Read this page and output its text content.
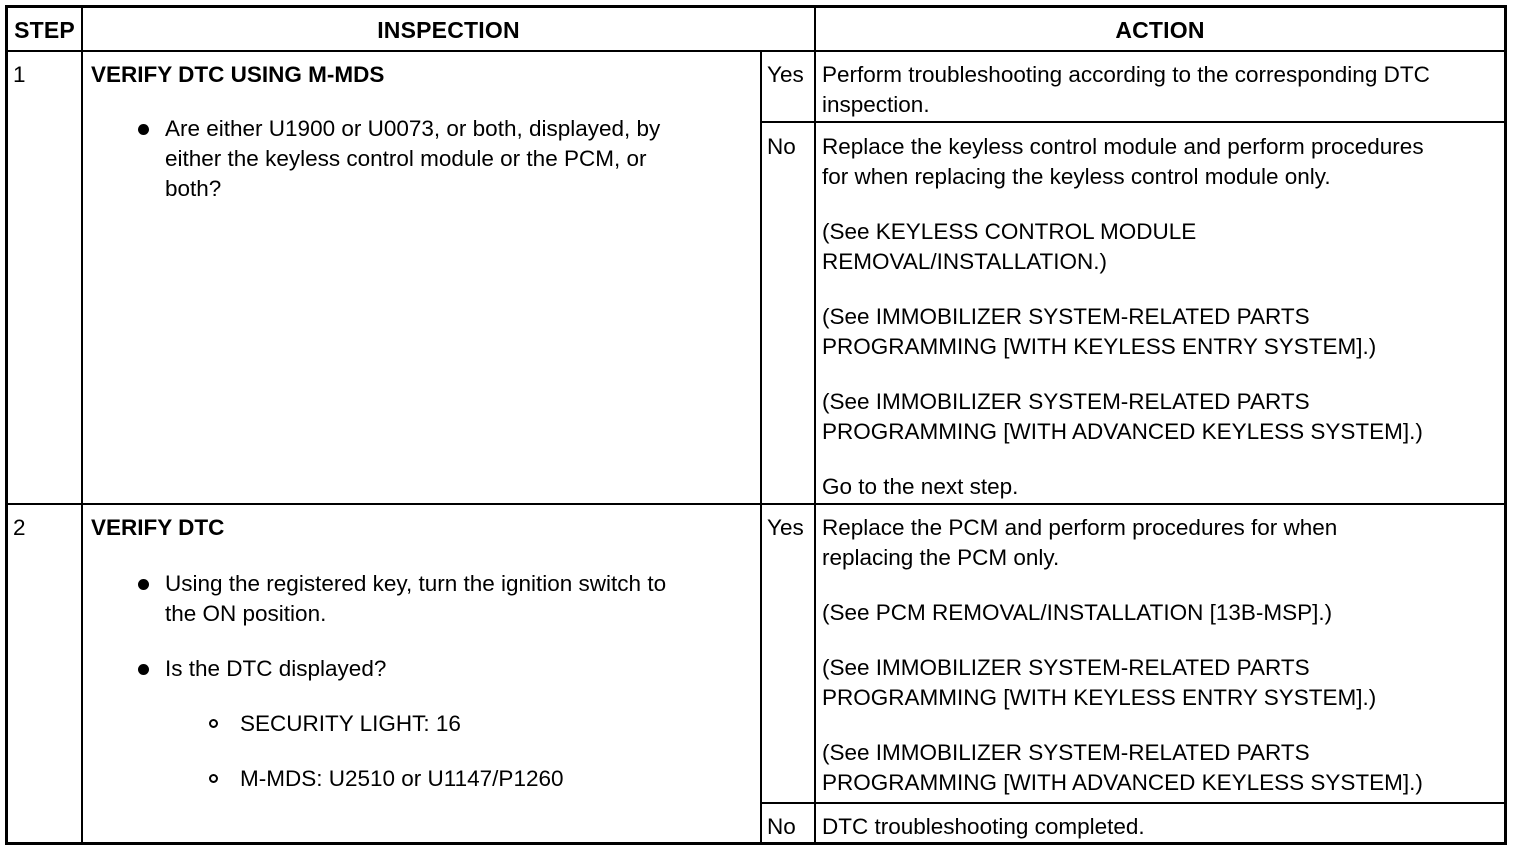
STEP	INSPECTION	ACTION
1	VERIFY DTC USING M-MDS
Are either U1900 or U0073, or both, displayed, by
either the keyless control module or the PCM, or
both?
Yes Perform troubleshooting according to the corresponding DTC
inspection.
No Replace the keyless control module and perform procedures
for when replacing the keyless control module only.
(See KEYLESS CONTROL MODULE
REMOVAL/INSTALLATION.)
(See IMMOBILIZER SYSTEM-RELATED PARTS
PROGRAMMING [WITH KEYLESS ENTRY SYSTEM].)
(See IMMOBILIZER SYSTEM-RELATED PARTS
PROGRAMMING [WITH ADVANCED KEYLESS SYSTEM].)
Go to the next step.
2	VERIFY DTC
Using the registered key, turn the ignition switch to
the ON position.
Is the DTC displayed?
SECURITY LIGHT: 16
M-MDS: U2510 or U1147/P1260
Yes Replace the PCM and perform procedures for when
replacing the PCM only.
(See PCM REMOVAL/INSTALLATION [13B-MSP].)
(See IMMOBILIZER SYSTEM-RELATED PARTS
PROGRAMMING [WITH KEYLESS ENTRY SYSTEM].)
(See IMMOBILIZER SYSTEM-RELATED PARTS
PROGRAMMING [WITH ADVANCED KEYLESS SYSTEM].)
No DTC troubleshooting completed.
